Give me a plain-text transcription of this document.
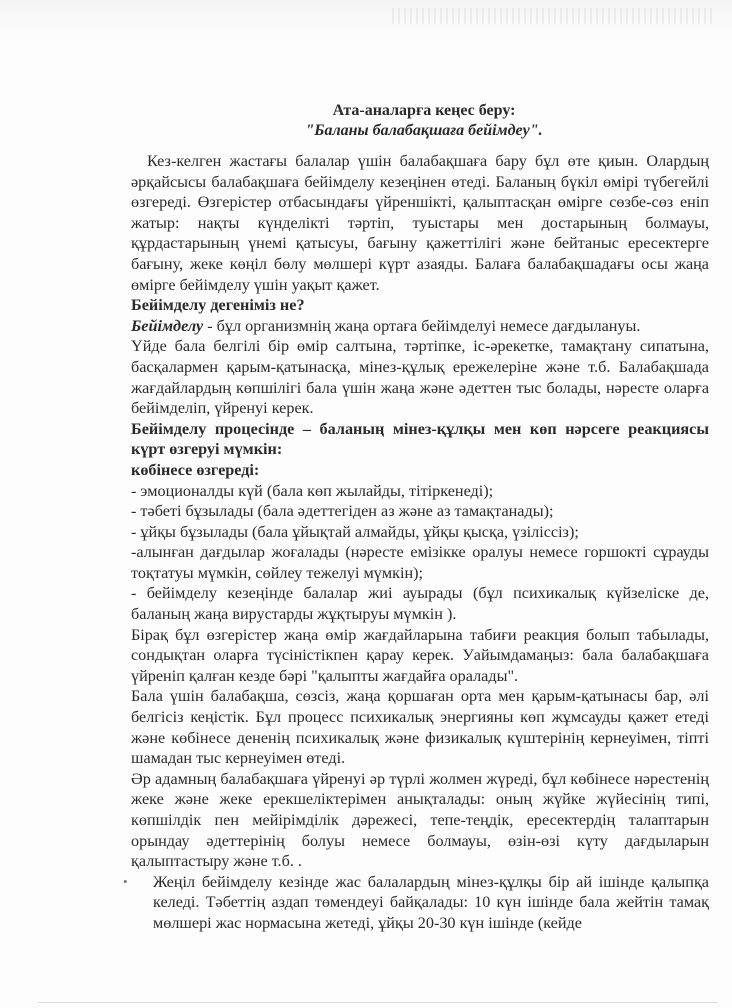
Ата-аналарға кеңес беру:
"Баланы балабақшаға бейімдеу".

Кез-келген жастағы балалар үшін балабақшаға бару бұл өте қиын. Олардың әрқайсысы балабақшаға бейімделу кезеңінен өтеді. Баланың бүкіл өмірі түбегейлі өзгереді. Өзгерістер отбасындағы үйреншікті, қалыптасқан өмірге сөзбе-сөз еніп жатыр: нақты күнделікті тәртіп, туыстары мен достарының болмауы, құрдастарының үнемі қатысуы, бағыну қажеттілігі және бейтаныс ересектерге бағыну, жеке көңіл бөлу мөлшері күрт азаяды. Балаға балабақшадағы осы жаңа өмірге бейімделу үшін уақыт қажет.

Бейімделу дегеніміз не?

Бейімделу - бұл организмнің жаңа ортаға бейімделуі немесе дағдылануы.

Үйде бала белгілі бір өмір салтына, тәртіпке, іс-әрекетке, тамақтану сипатына, басқалармен қарым-қатынасқа, мінез-құлық ережелеріне және т.б. Балабақшада жағдайлардың көпшілігі бала үшін жаңа және әдеттен тыс болады, нәресте оларға бейімделіп, үйренуі керек.

Бейімделу процесінде – баланың мінез-құлқы мен көп нәрсеге реакциясы күрт өзгеруі мүмкін:

көбінесе өзгереді:

- эмоционалды күй (бала көп жылайды, тітіркенеді);

- тәбеті бұзылады (бала әдеттегіден аз және аз тамақтанады);

- ұйқы бұзылады (бала ұйықтай алмайды, ұйқы қысқа, үзілісcіз);

-алынған дағдылар жоғалады (нәресте емізікке оралуы немесе горшокті сұрауды тоқтатуы мүмкін, сөйлеу тежелуі мүмкін);

- бейімделу кезеңінде балалар жиі ауырады (бұл психикалық күйзеліске де, баланың жаңа вирустарды жұқтыруы мүмкін ).

Бірақ бұл өзгерістер жаңа өмір жағдайларына табиғи реакция болып табылады, сондықтан оларға түсіністікпен қарау керек. Уайымдамаңыз: бала балабақшаға үйреніп қалған кезде бәрі "қалыпты жағдайға оралады".

Бала үшін балабақша, сөзсіз, жаңа қоршаған орта мен қарым-қатынасы бар, әлі белгісіз кеңістік. Бұл процесс психикалық энергияны көп жұмсауды қажет етеді және көбінесе дененің психикалық және физикалық күштерінің кернеуімен, тіпті шамадан тыс кернеуімен өтеді.

Әр адамның балабақшаға үйренуі әр түрлі жолмен жүреді, бұл көбінесе нәрестенің жеке және жеке ерекшеліктерімен анықталады: оның жүйке жүйесінің типі, көпшілдік пен мейірімділік дәрежесі, тепе-теңдік, ересектердің талаптарын орындау әдеттерінің болуы немесе болмауы, өзін-өзі күту дағдыларын қалыптастыру және т.б. .

• Жеңіл бейімделу кезінде жас балалардың мінез-құлқы бір ай ішінде қалыпқа келеді. Тәбеттің аздап төмендеуі байқалады: 10 күн ішінде бала жейтін тамақ мөлшері жас нормасына жетеді, ұйқы 20-30 күн ішінде (кейде
